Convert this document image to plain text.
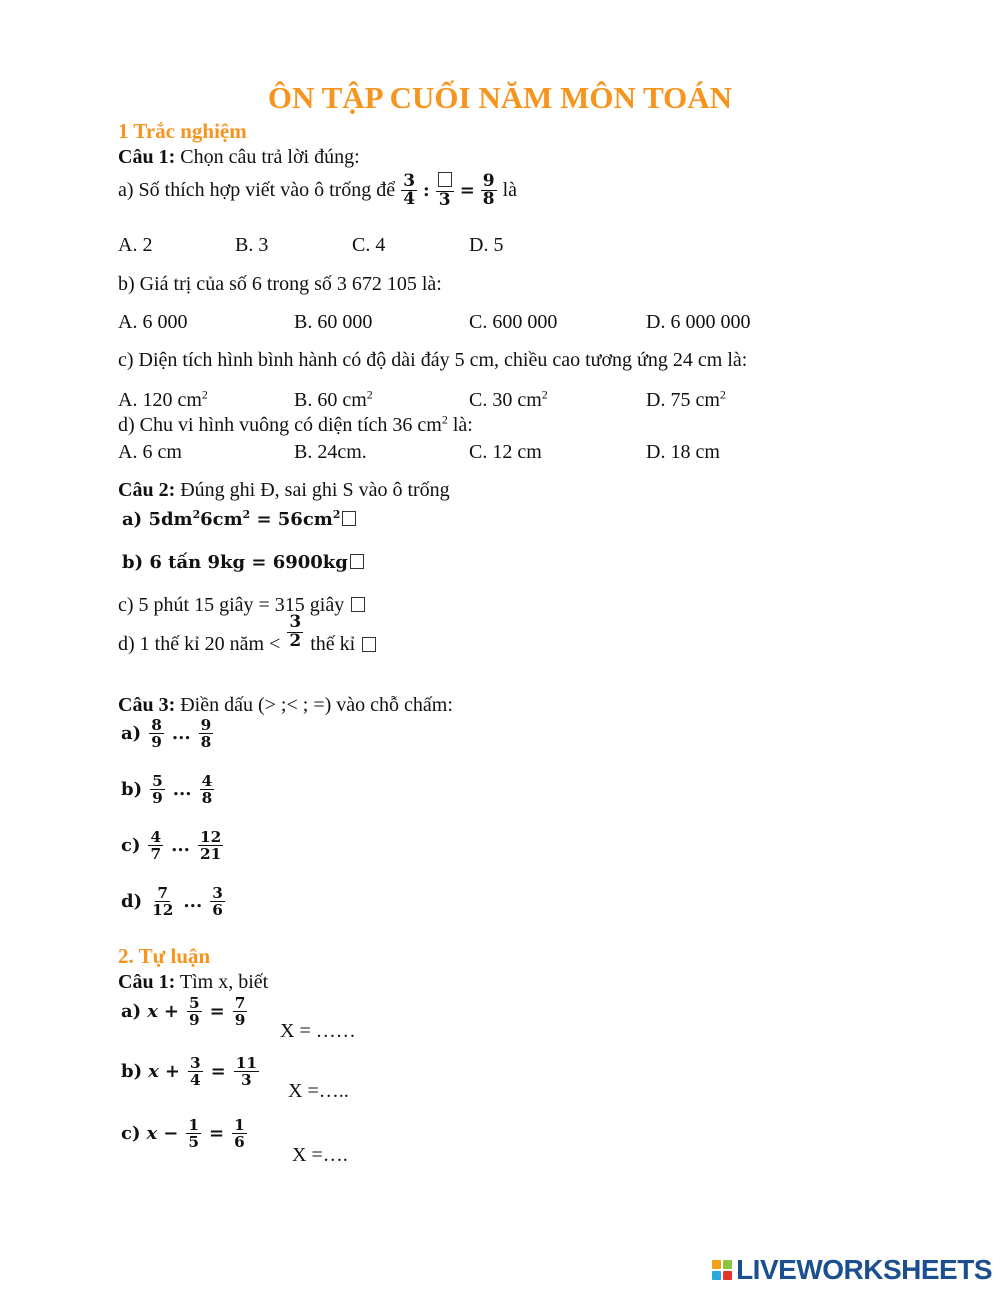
ÔN TẬP CUỐI NĂM MÔN TOÁN
1 Trắc nghiệm
Câu 1: Chọn câu trả lời đúng:
a) Số thích hợp viết vào ô trống để $\frac{3}{4}$ : $3 = \frac{9}{8}$ là
A. 2	B. 3	C. 4	D. 5
b) Giá trị của số 6 trong số 3 672 105 là:
A. 6 000	B. 60 000	C. 600 000	D. 6 000 000
c) Diện tích hình bình hành có độ dài đáy 5 cm, chiều cao tương ứng 24 cm là:
A. 120 $cm^2$	B. 60 $cm^2$	C. 30 $cm^2$	D. 75 $cm^2$
d) Chu vi hình vuông có diện tích 36 $cm^2$ là:
A. 6 cm	B. 24cm.	C. 12 cm	D. 18 cm
Câu 2: Đúng ghi Đ, sai ghi S vào ô trống
a) $5dm^26cm^2 = 56cm^2$
b) 6 tấn 9kg = 6900kg
c) 5 phút 15 giây = 315 giây
d) 1 thế kỉ 20 năm < $\frac{3}{2}$ thế kỉ
Câu 3: Điền dấu (> ;< ; =) vào chỗ chấm:
$a) \frac{8}{9}$ ... $\frac{9}{8}$
$b) \frac{5}{9}$ ... $\frac{4}{8}$
$c) \frac{4}{7}$ ... $\frac{12}{21}$
$d) \frac{7}{12}$ ... $\frac{3}{6}$
2. Tự luận
Câu 1: Tìm x, biết
a) $x + \frac{5}{9} = \frac{7}{9}$
X = ……
b) $x + \frac{3}{4} = \frac{11}{3}$
X =…..
c) $x - \frac{1}{5} = \frac{1}{6}$
X =….
LIVEWORKSHEETS
